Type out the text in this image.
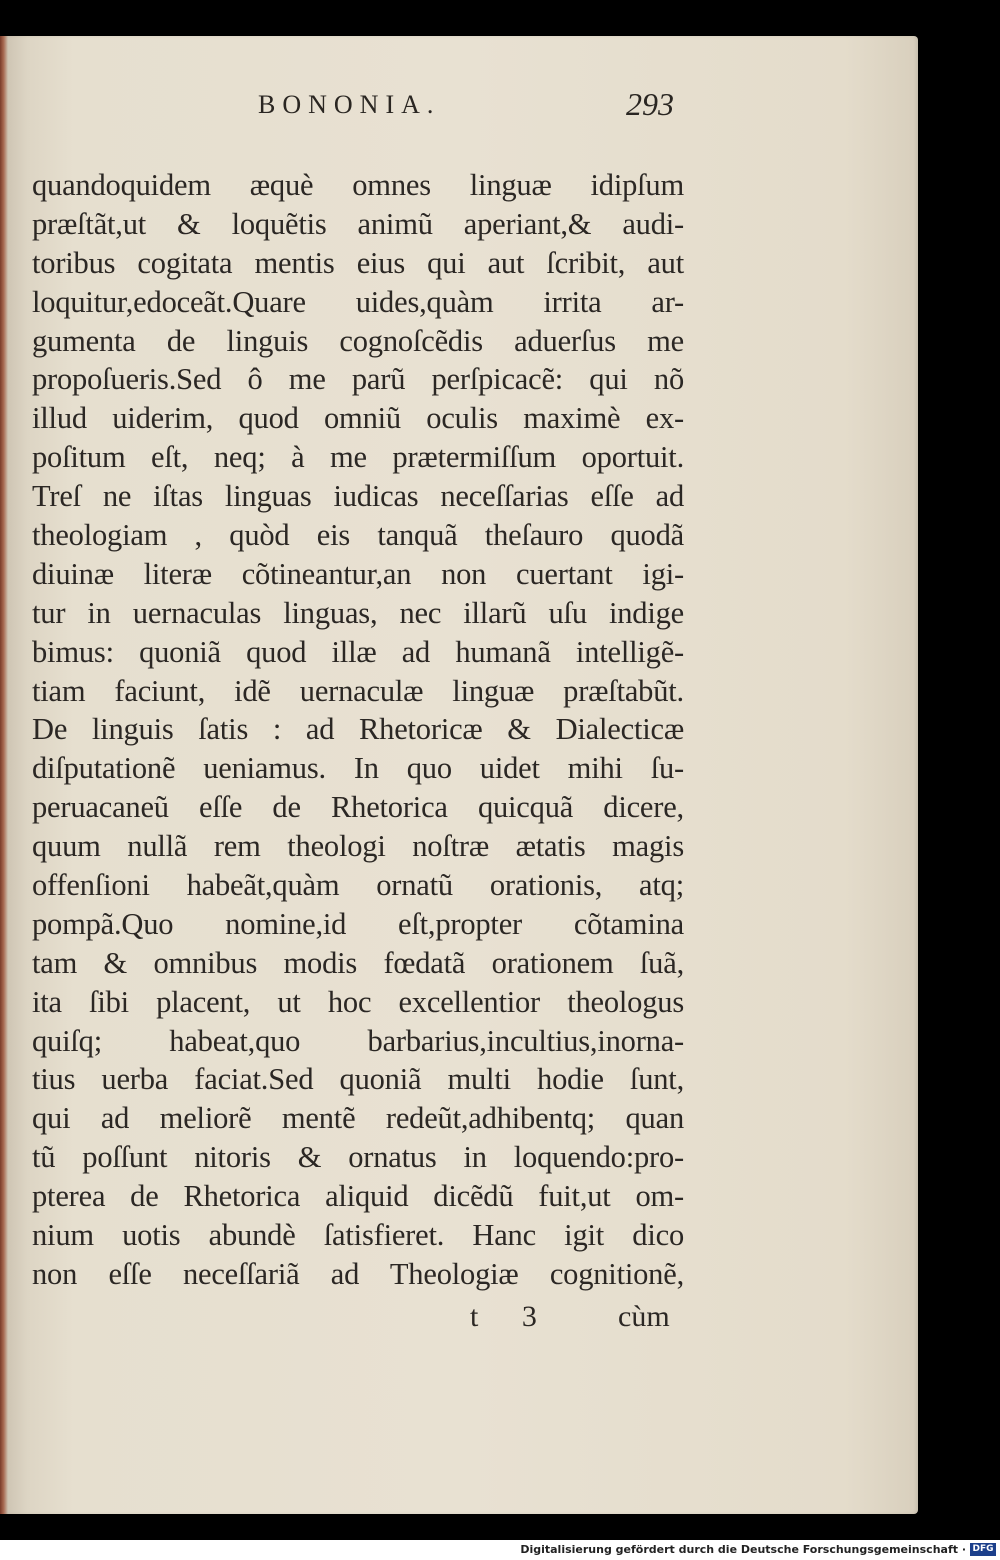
BONONIA.	293
quandoquidem æquè omnes linguæ idipſum
præſtãt,ut & loquẽtis animũ aperiant,& audi-
toribus cogitata mentis eius qui aut ſcribit, aut
loquitur,edoceãt.Quare uides,quàm irrita ar-
gumenta de linguis cognoſcẽdis aduerſus me
propoſueris.Sed ô me parũ perſpicacẽ: qui nõ
illud uiderim, quod omniũ oculis maximè ex-
poſitum eſt, neq; à me prætermiſſum oportuit.
Treſ ne iſtas linguas iudicas neceſſarias eſſe ad
theologiam , quòd eis tanquã theſauro quodã
diuinæ literæ cõtineantur,an non cuertant igi-
tur in uernaculas linguas, nec illarũ uſu indige
bimus: quoniã quod illæ ad humanã intelligẽ-
tiam faciunt, idẽ uernaculæ linguæ præſtabũt.
De linguis ſatis : ad Rhetoricæ & Dialecticæ
diſputationẽ ueniamus. In quo uidet mihi ſu-
peruacaneũ eſſe de Rhetorica quicquã dicere,
quum nullã rem theologi noſtræ ætatis magis
offenſioni habeãt,quàm ornatũ orationis, atq;
pompã.Quo nomine,id eſt,propter cõtamina
tam & omnibus modis fœdatã orationem ſuã,
ita ſibi placent, ut hoc excellentior theologus
quiſq; habeat,quo barbarius,incultius,inorna-
tius uerba faciat.Sed quoniã multi hodie ſunt,
qui ad meliorẽ mentẽ redeũt,adhibentq; quan
tũ poſſunt nitoris & ornatus in loquendo:pro-
pterea de Rhetorica aliquid dicẽdũ fuit,ut om-
nium uotis abundè ſatisfieret. Hanc igit dico
non eſſe neceſſariã ad Theologiæ cognitionẽ,
t 3 cùm
Digitalisierung gefördert durch die Deutsche Forschungsgemeinschaft · DFG
